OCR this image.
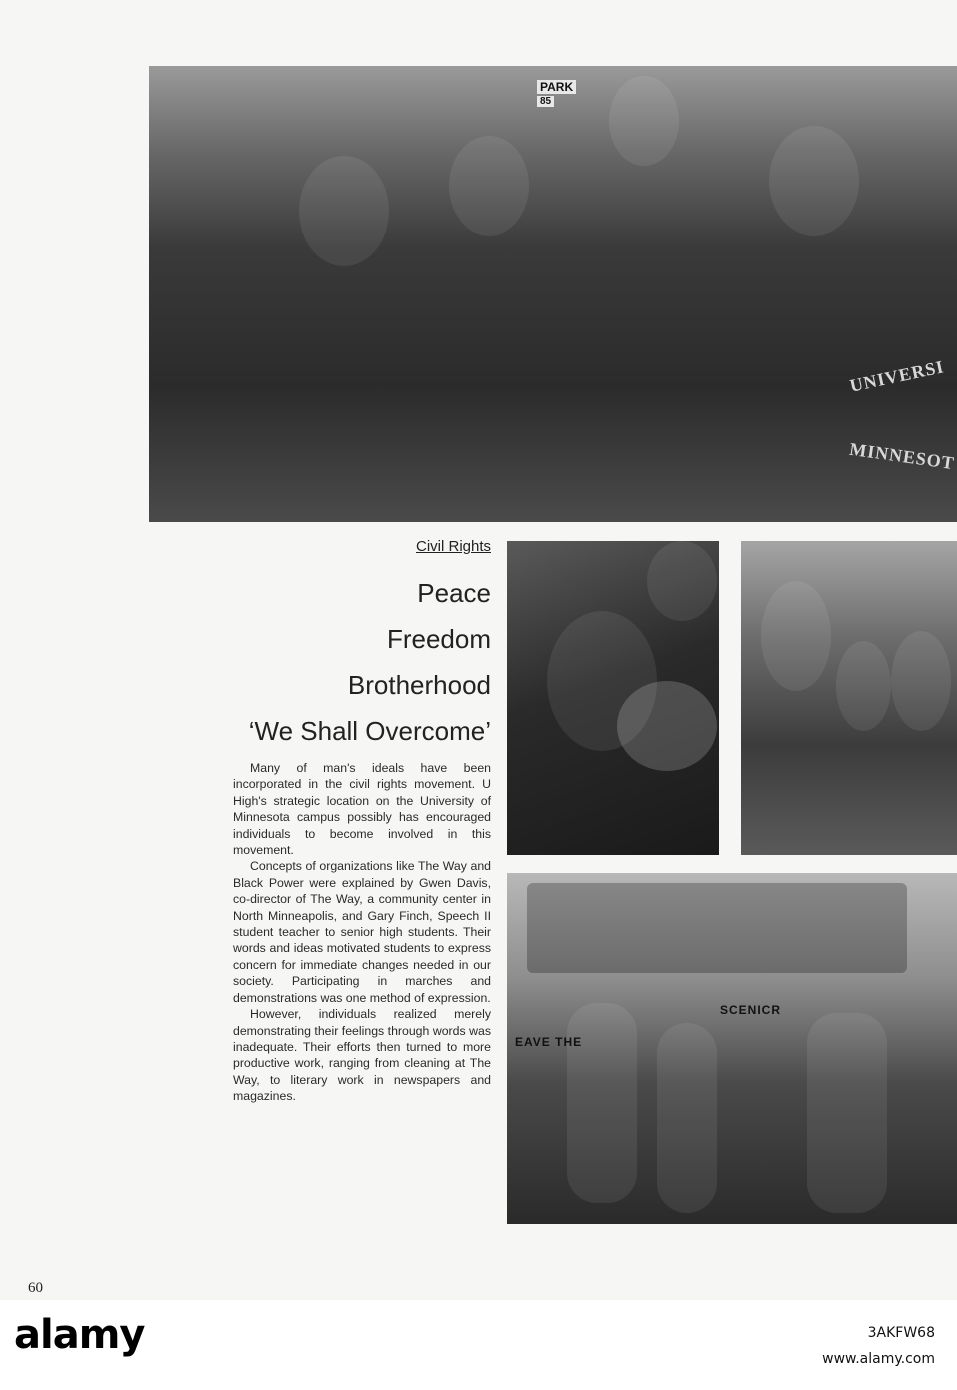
PARK
85
UNIVERSI
MINNESOT
Civil Rights
Peace
Freedom
Brotherhood
‘We Shall Overcome’

Many of man's ideals have been incorporated in the civil rights movement. U High's strategic location on the University of Minnesota campus possibly has encouraged individuals to become involved in this movement.

Concepts of organizations like The Way and Black Power were explained by Gwen Davis, co-director of The Way, a community center in North Minneapolis, and Gary Finch, Speech II student teacher to senior high students. Their words and ideas motivated students to express concern for immediate changes needed in our society. Participating in marches and demonstrations was one method of expression.

However, individuals realized merely demonstrating their feelings through words was inadequate. Their efforts then turned to more productive work, ranging from cleaning at The Way, to literary work in newspapers and magazines.

EAVE THE
SCENICR
60
alamy	3AKFW68
www.alamy.com
